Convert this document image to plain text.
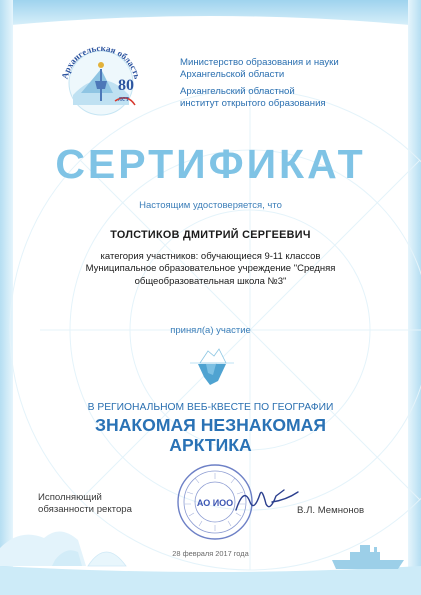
Архангельская область
80
лет
Министерство образования и науки
Архангельской области
Архангельский областной
институт открытого образования
СЕРТИФИКАТ
Настоящим удостоверяется, что
ТОЛСТИКОВ ДМИТРИЙ СЕРГЕЕВИЧ
категория участников: обучающиеся 9-11 классов
Муниципальное образовательное учреждение "Средняя
общеобразовательная школа №3"
принял(а) участие
В РЕГИОНАЛЬНОМ ВЕБ-КВЕСТЕ ПО ГЕОГРАФИИ
ЗНАКОМАЯ НЕЗНАКОМАЯ
АРКТИКА
Исполняющий
обязанности ректора
АО ИОО
В.Л. Мемнонов
28 февраля 2017 года
